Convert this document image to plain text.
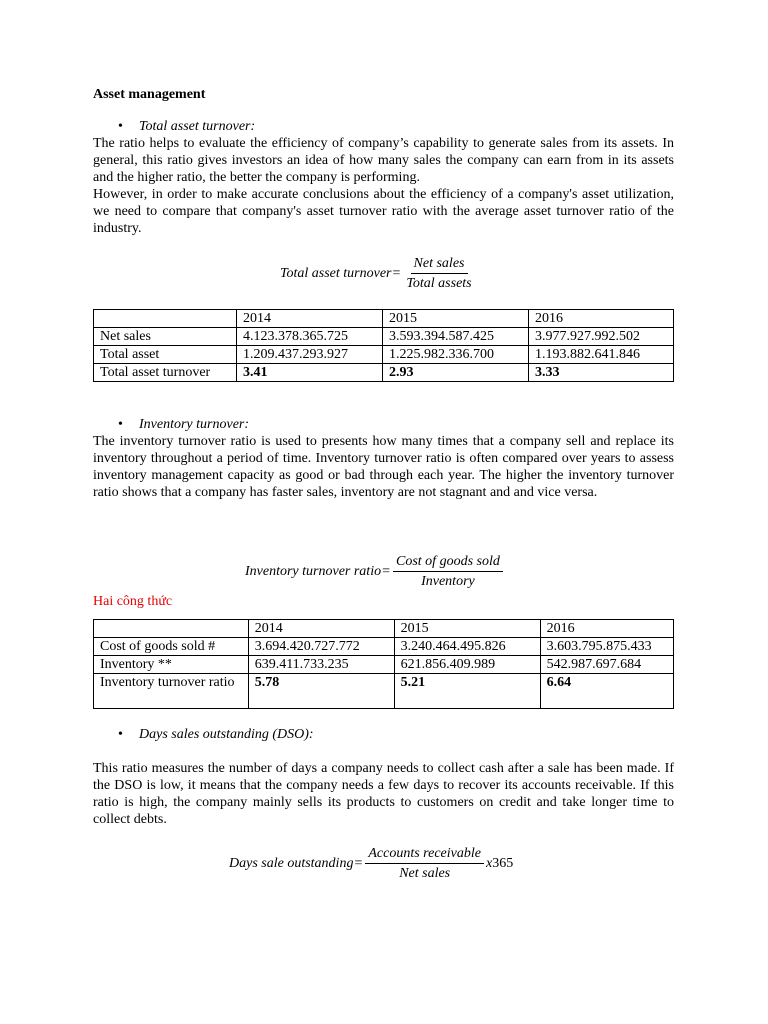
Asset management
• Total asset turnover:

The ratio helps to evaluate the efficiency of company’s capability to generate sales from its assets. In general, this ratio gives investors an idea of how many sales the company can earn from in its assets and the higher ratio, the better the company is performing.

However, in order to make accurate conclusions about the efficiency of a company's asset utilization, we need to compare that company's asset turnover ratio with the average asset turnover ratio of the industry.

Total asset turnover = $\frac{\text{Net sales}}{\text{Total assets}}$
	2014	2015	2016
Net sales	4.123.378.365.725	3.593.394.587.425	3.977.927.992.502
Total asset	1.209.437.293.927	1.225.982.336.700	1.193.882.641.846
Total asset turnover	3.41	2.93	3.33
• Inventory turnover:

The inventory turnover ratio is used to presents how many times that a company sell and replace its inventory throughout a period of time. Inventory turnover ratio is often compared over years to assess inventory management capacity as good or bad through each year. The higher the inventory turnover ratio shows that a company has faster sales, inventory are not stagnant and and vice versa.

Inventory turnover ratio = $\frac{\text{Cost of goods sold}}{\text{Inventory}}$
Hai công thức
	2014	2015	2016
Cost of goods sold #	3.694.420.727.772	3.240.464.495.826	3.603.795.875.433
Inventory **	639.411.733.235	621.856.409.989	542.987.697.684
Inventory turnover ratio	5.78	5.21	6.64
• Days sales outstanding (DSO):

This ratio measures the number of days a company needs to collect cash after a sale has been made. If the DSO is low, it means that the company needs a few days to recover its accounts receivable. If this ratio is high, the company mainly sells its products to customers on credit and take longer time to collect debts.

Days sale outstanding = $\frac{\text{Accounts receivable}}{\text{Net sales}}$ x 365
